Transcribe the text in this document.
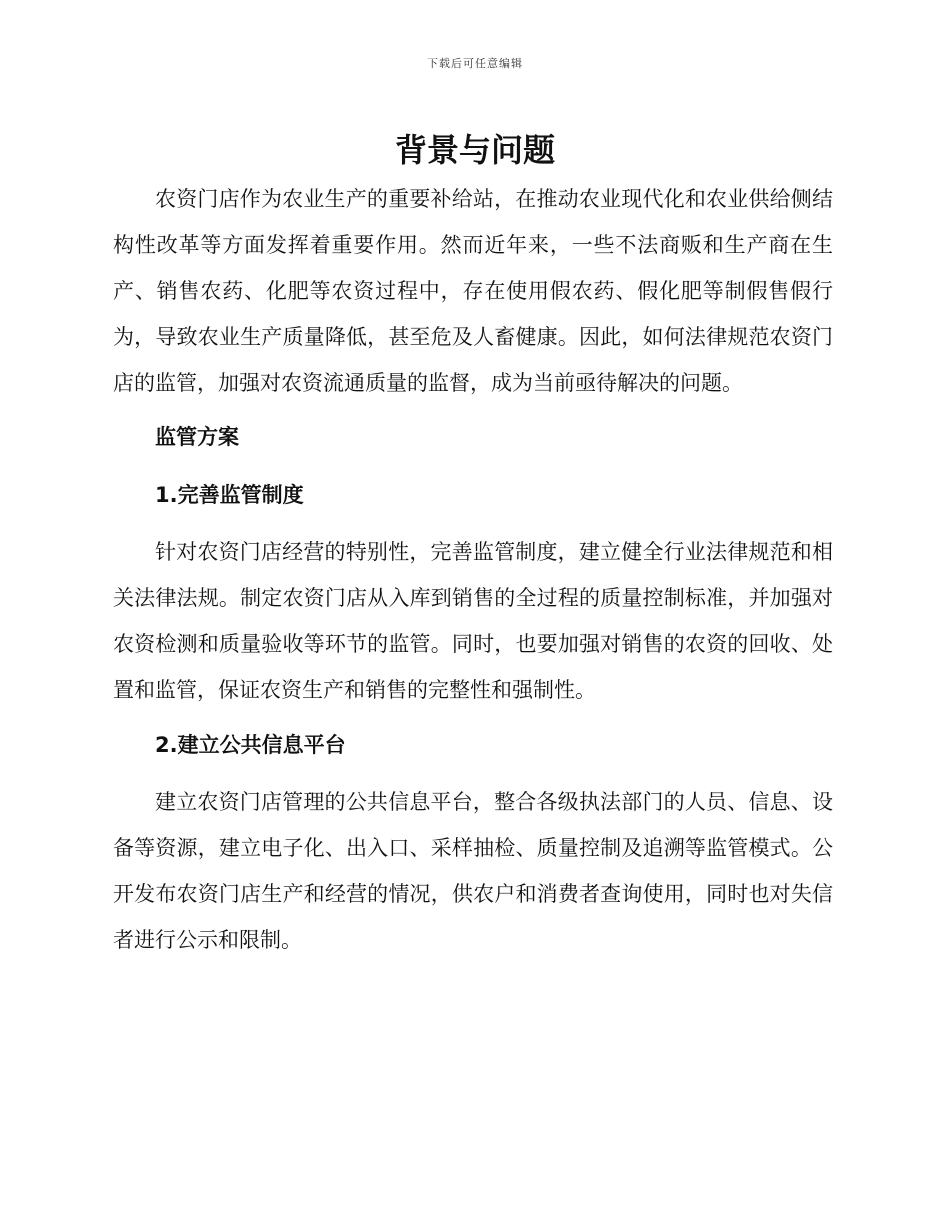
下载后可任意编辑
背景与问题

农资门店作为农业生产的重要补给站，在推动农业现代化和农业供给侧结构性改革等方面发挥着重要作用。然而近年来，一些不法商贩和生产商在生产、销售农药、化肥等农资过程中，存在使用假农药、假化肥等制假售假行为，导致农业生产质量降低，甚至危及人畜健康。因此，如何法律规范农资门店的监管，加强对农资流通质量的监督，成为当前亟待解决的问题。

监管方案
1.完善监管制度

针对农资门店经营的特别性，完善监管制度，建立健全行业法律规范和相关法律法规。制定农资门店从入库到销售的全过程的质量控制标准，并加强对农资检测和质量验收等环节的监管。同时，也要加强对销售的农资的回收、处置和监管，保证农资生产和销售的完整性和强制性。

2.建立公共信息平台

建立农资门店管理的公共信息平台，整合各级执法部门的人员、信息、设备等资源，建立电子化、出入口、采样抽检、质量控制及追溯等监管模式。公开发布农资门店生产和经营的情况，供农户和消费者查询使用，同时也对失信者进行公示和限制。
